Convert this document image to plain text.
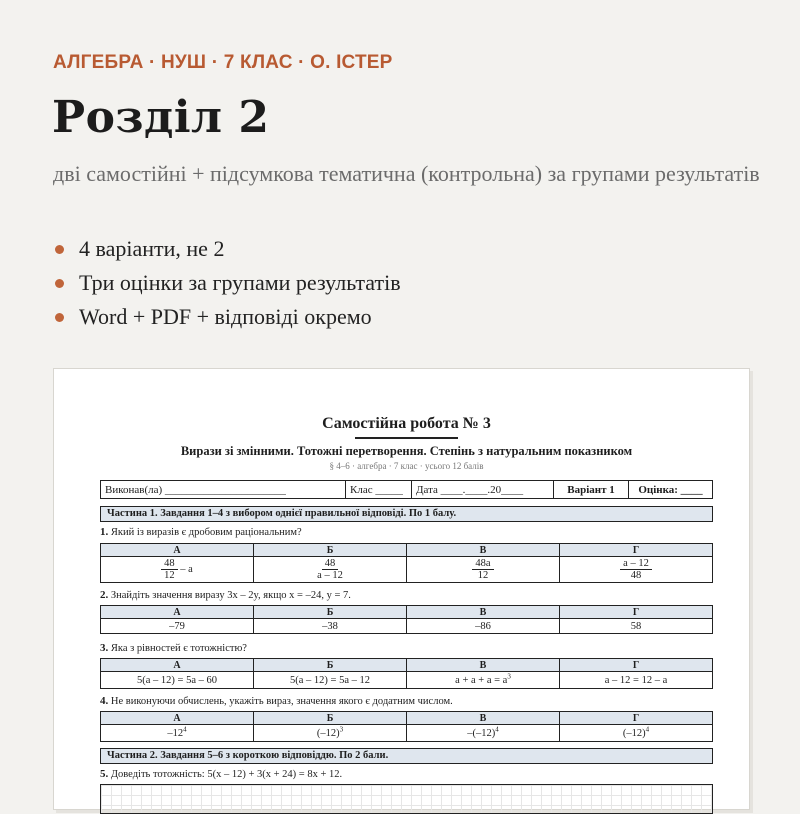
АЛГЕБРА · НУШ · 7 КЛАС · О. ІСТЕР
Розділ 2
дві самостійні + підсумкова тематична (контрольна) за групами результатів
4 варіанти, не 2
Три оцінки за групами результатів
Word + PDF + відповіді окремо
Самостійна робота № 3
Вирази зі змінними. Тотожні перетворення. Степінь з натуральним показником
§ 4–6 · алгебра · 7 клас · усього 12 балів
Виконав(ла) ______________________	Клас _____	Дата ____.____.20____	Варіант 1	Оцінка: ____
Частина 1. Завдання 1–4 з вибором однієї правильної відповіді. По 1 балу.
1. Який із виразів є дробовим раціональним?
А	Б	В	Г

$\frac{48}{12}$ – a	$\frac{48}{a - 12}$	$\frac{48a}{12}$	$\frac{a - 12}{48}$
2. Знайдіть значення виразу 3x – 2y, якщо x = –24, y = 7.
А	Б	В	Г
–79	–38	–86	58
3. Яка з рівностей є тотожністю?
А	Б	В	Г
5(a – 12) = 5a – 60	5(a – 12) = 5a – 12	$a + a + a = a^3$	a – 12 = 12 – a
4. Не виконуючи обчислень, укажіть вираз, значення якого є додатним числом.
А	Б	В	Г
$-12^4$	$(-12)^3$	$-(-12)^4$	$(-12)^4$
Частина 2. Завдання 5–6 з короткою відповіддю. По 2 бали.
5. Доведіть тотожність: 5(x – 12) + 3(x + 24) = 8x + 12.
